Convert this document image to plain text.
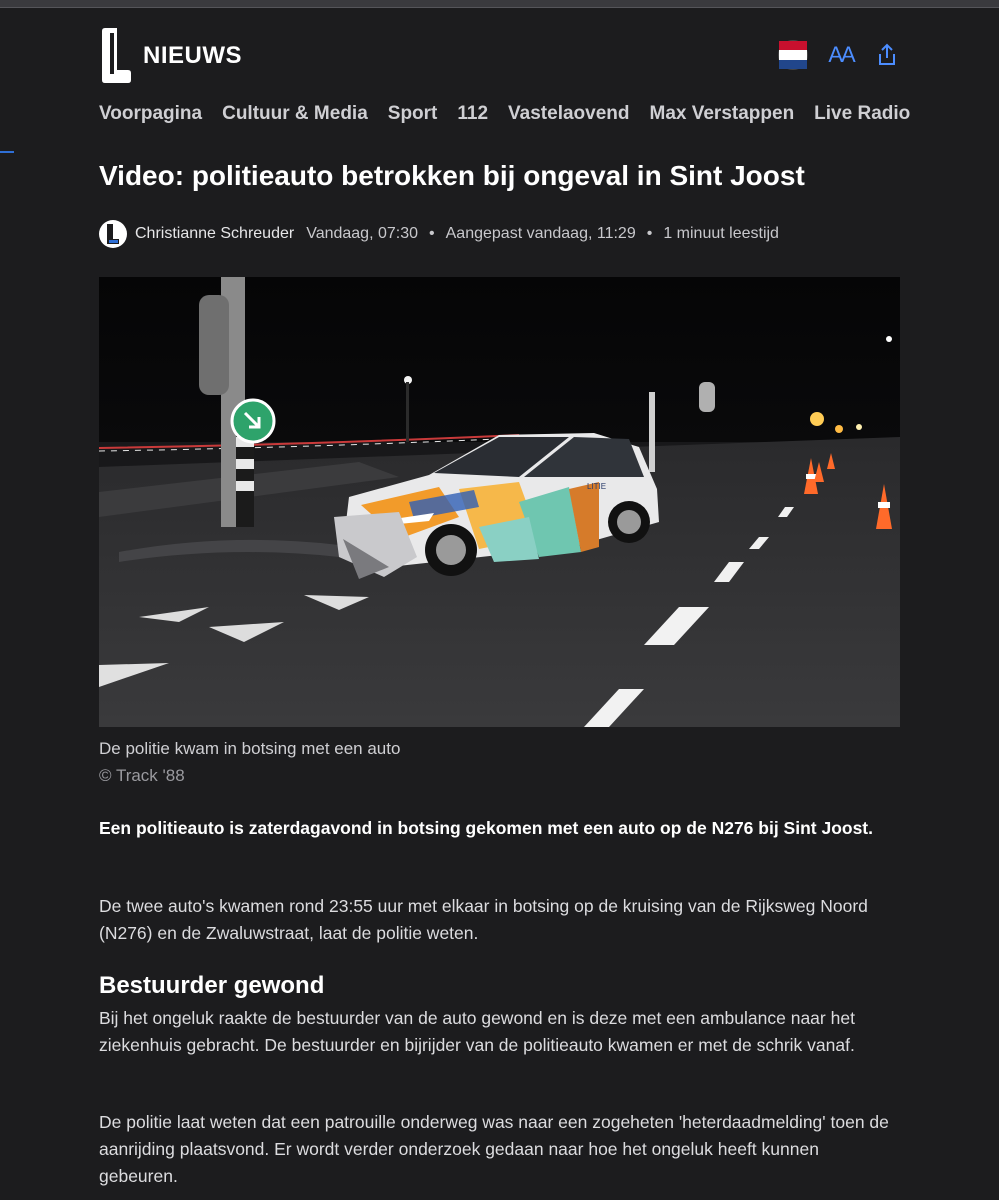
NIEUWS	AA
Voorpagina Cultuur & Media Sport 112 Vastelaovend Max Verstappen Live Radio
Video: politieauto betrokken bij ongeval in Sint Joost
Christianne Schreuder Vandaag, 07:30 • Aangepast vandaag, 11:29 • 1 minuut leestijd
LITIE
De politie kwam in botsing met een auto
© Track '88

Een politieauto is zaterdagavond in botsing gekomen met een auto op de N276 bij Sint Joost.

De twee auto's kwamen rond 23:55 uur met elkaar in botsing op de kruising van de Rijksweg Noord (N276) en de Zwaluwstraat, laat de politie weten.

Bestuurder gewond

Bij het ongeluk raakte de bestuurder van de auto gewond en is deze met een ambulance naar het ziekenhuis gebracht. De bestuurder en bijrijder van de politieauto kwamen er met de schrik vanaf.

De politie laat weten dat een patrouille onderweg was naar een zogeheten 'heterdaadmelding' toen de aanrijding plaatsvond. Er wordt verder onderzoek gedaan naar hoe het ongeluk heeft kunnen gebeuren.
